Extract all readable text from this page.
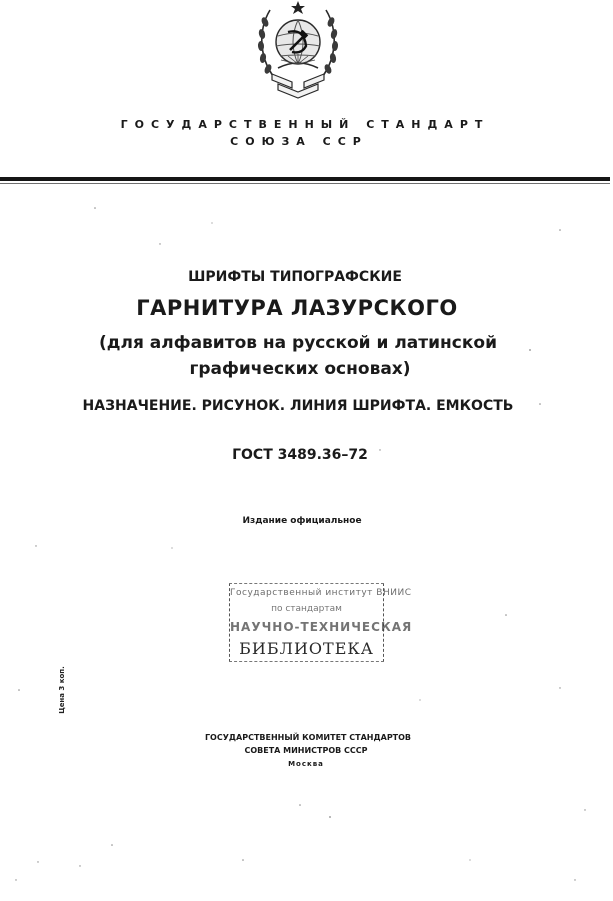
ГОСУДАРСТВЕННЫЙ СТАНДАРТ
СОЮЗА ССР
ШРИФТЫ ТИПОГРАФСКИЕ
ГАРНИТУРА ЛАЗУРСКОГО
(для алфавитов на русской и латинской
графических основах)
НАЗНАЧЕНИЕ. РИСУНОК. ЛИНИЯ ШРИФТА. ЕМКОСТЬ
ГОСТ 3489.36–72
Издание официальное
Государственный институт ВНИИС
по стандартам
НАУЧНО-ТЕХНИЧЕСКАЯ
БИБЛИОТЕКА
Цена 3 коп.
ГОСУДАРСТВЕННЫЙ КОМИТЕТ СТАНДАРТОВ
СОВЕТА МИНИСТРОВ СССР
Москва
